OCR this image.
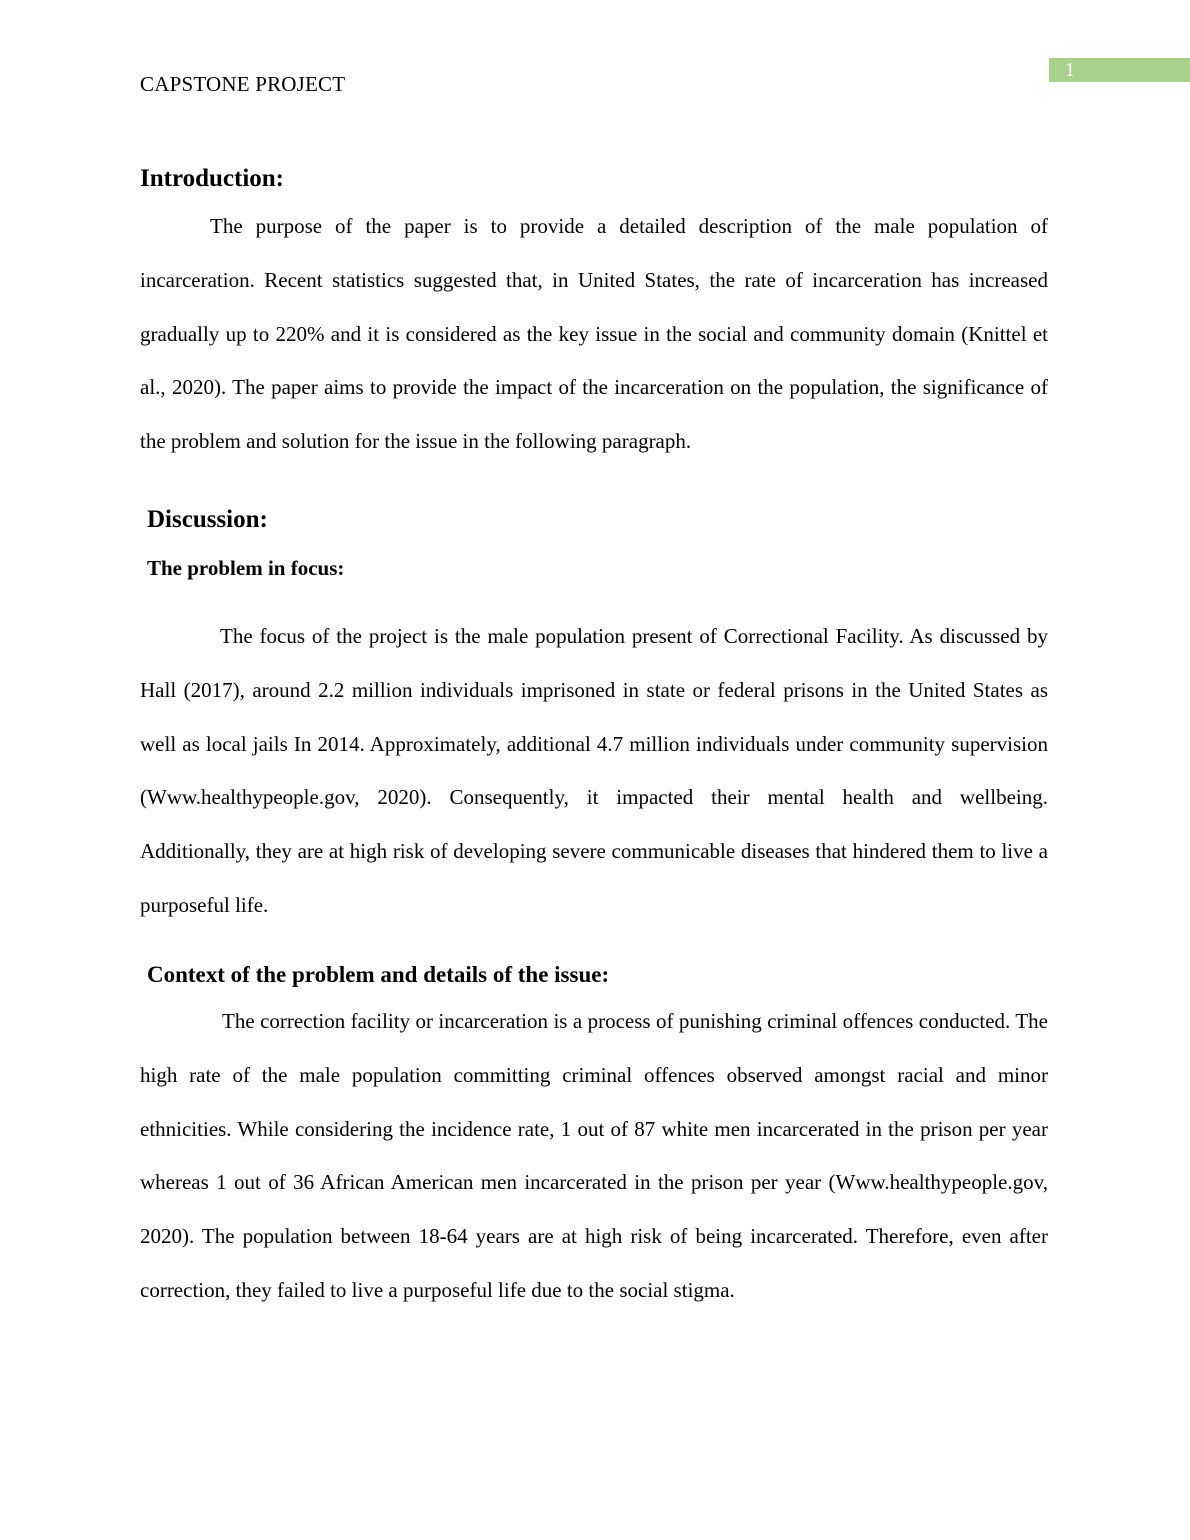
CAPSTONE PROJECT
1
Introduction:

The purpose of the paper is to provide a detailed description of the male population of incarceration. Recent statistics suggested that, in United States, the rate of incarceration has increased gradually up to 220% and it is considered as the key issue in the social and community domain (Knittel et al., 2020). The paper aims to provide the impact of the incarceration on the population, the significance of the problem and solution for the issue in the following paragraph.

Discussion:
The problem in focus:

The focus of the project is the male population present of Correctional Facility. As discussed by Hall (2017), around 2.2 million individuals imprisoned in state or federal prisons in the United States as well as local jails In 2014. Approximately, additional 4.7 million individuals under community supervision (Www.healthypeople.gov, 2020). Consequently, it impacted their mental health and wellbeing. Additionally, they are at high risk of developing severe communicable diseases that hindered them to live a purposeful life.

Context of the problem and details of the issue:

The correction facility or incarceration is a process of punishing criminal offences conducted. The high rate of the male population committing criminal offences observed amongst racial and minor ethnicities. While considering the incidence rate, 1 out of 87 white men incarcerated in the prison per year whereas 1 out of 36 African American men incarcerated in the prison per year (Www.healthypeople.gov, 2020). The population between 18-64 years are at high risk of being incarcerated. Therefore, even after correction, they failed to live a purposeful life due to the social stigma.
